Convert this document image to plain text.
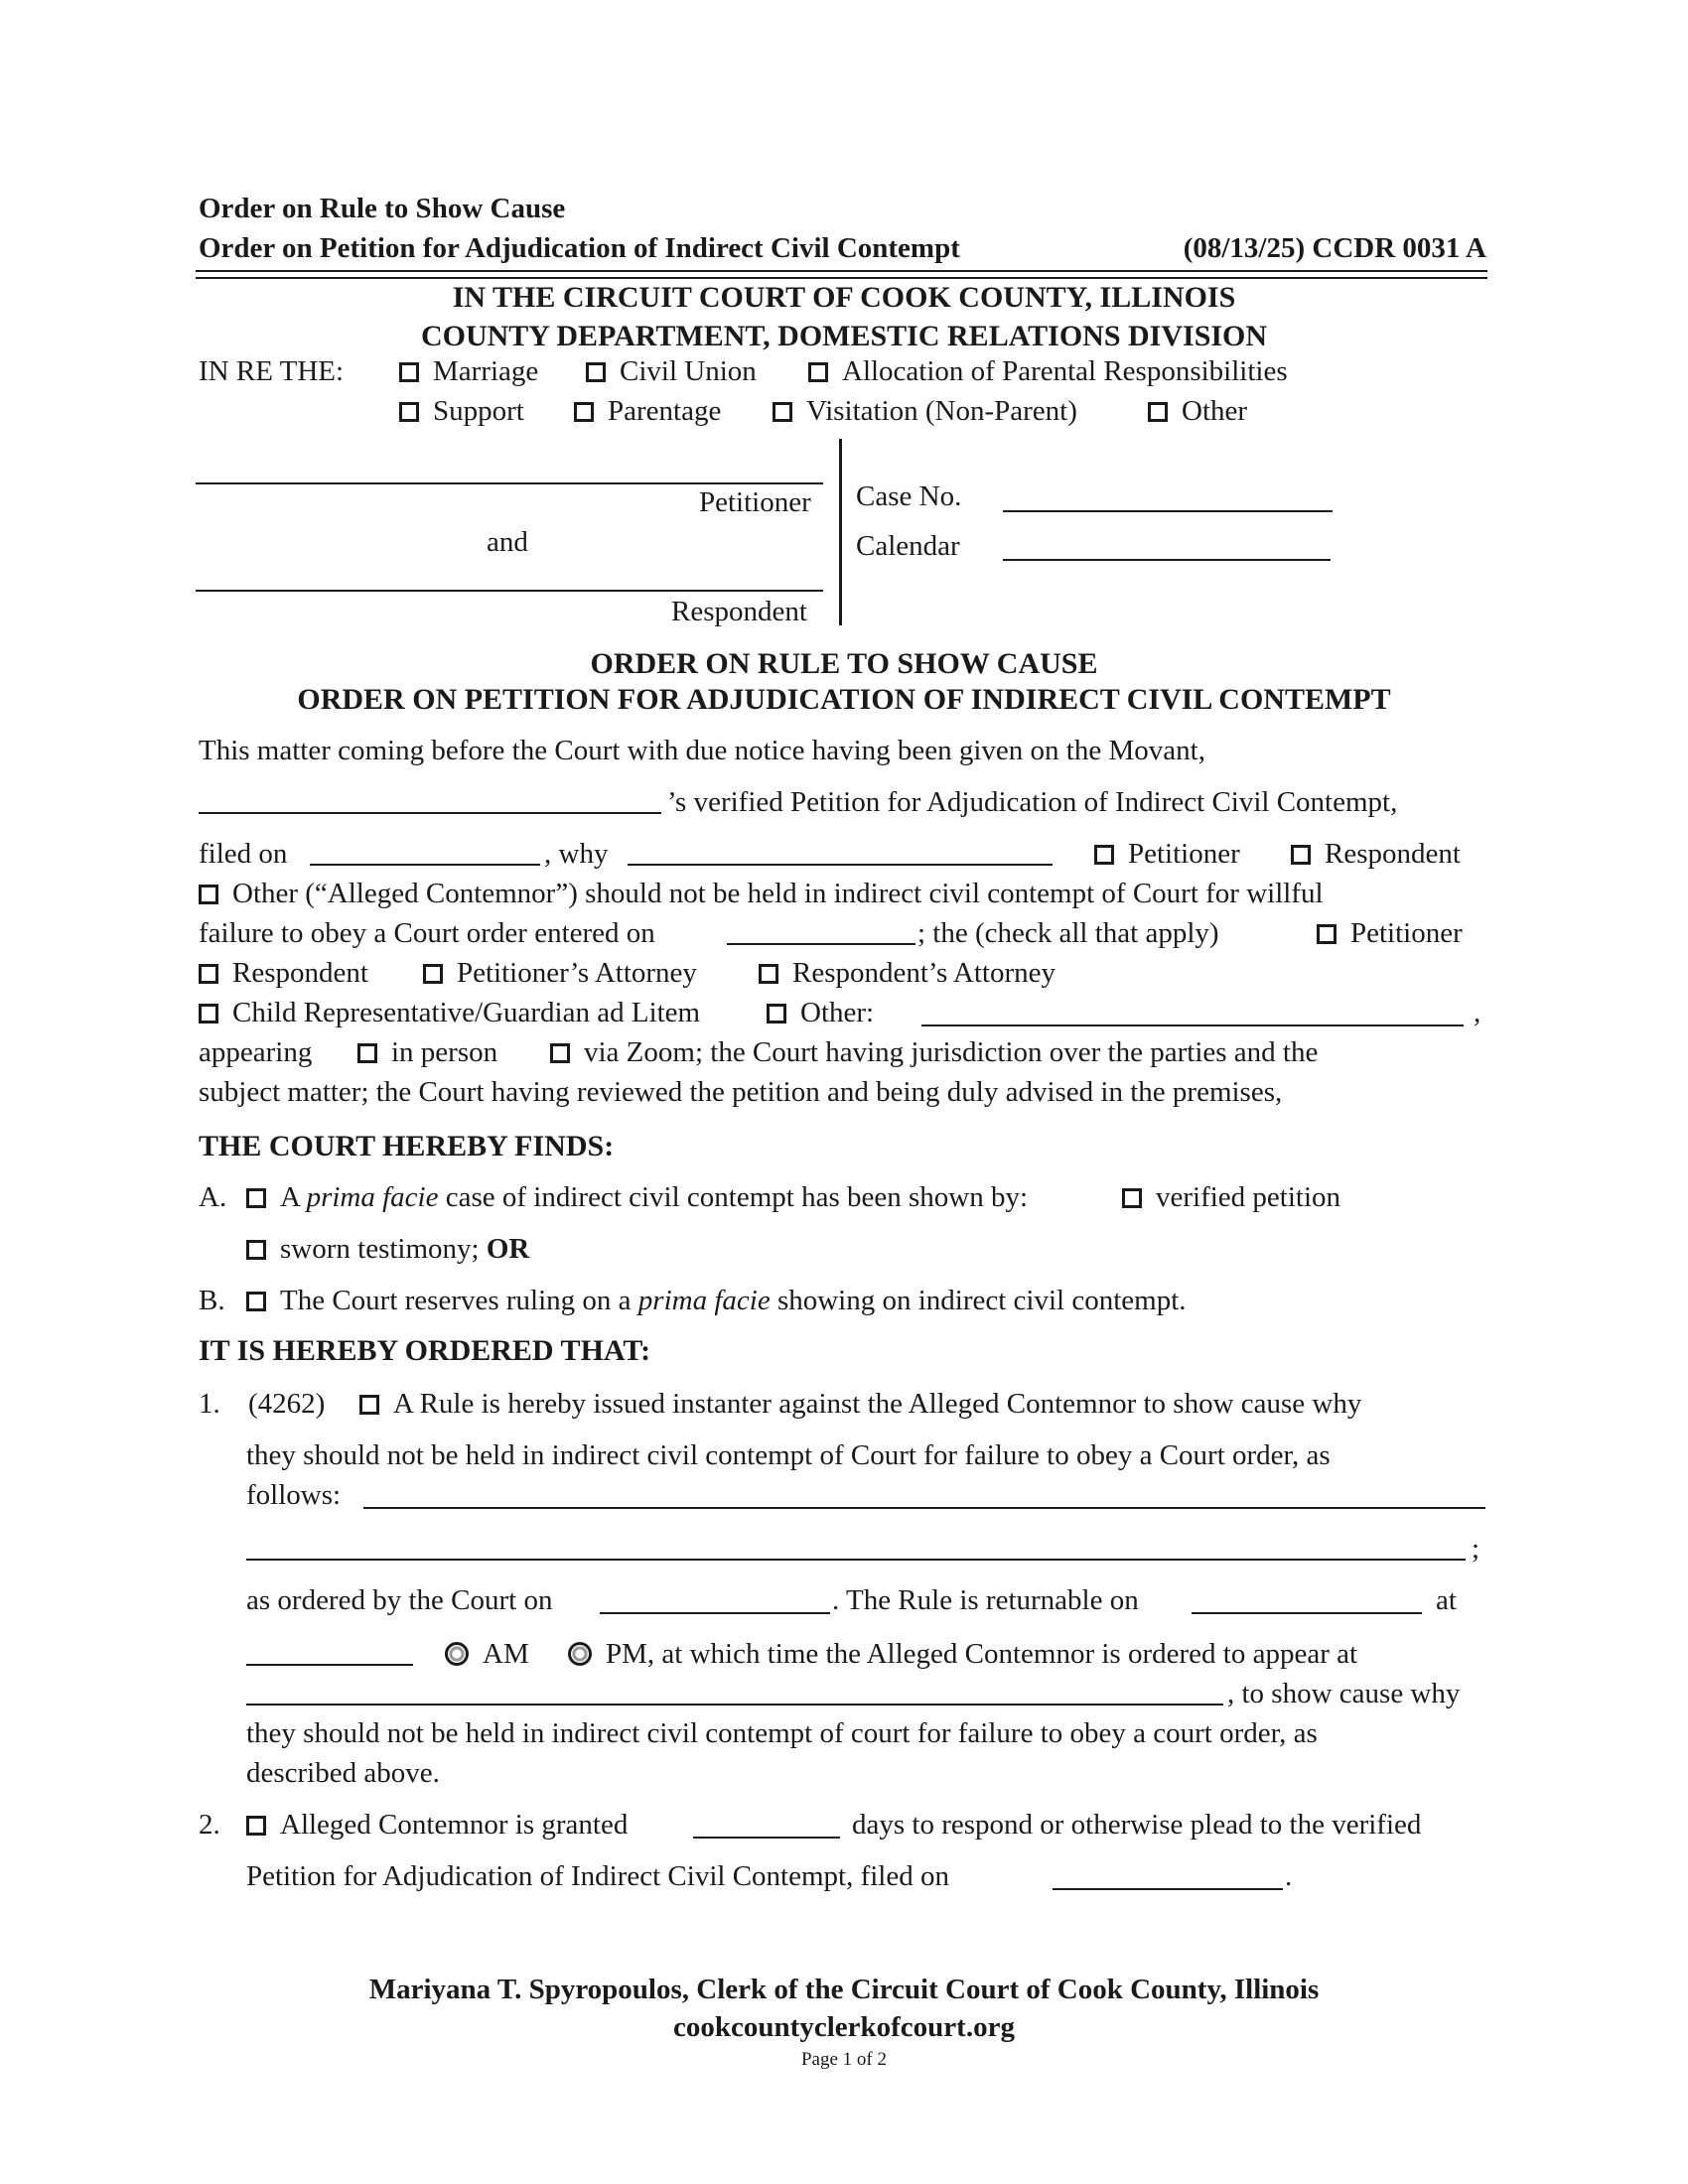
Order on Rule to Show Cause
Order on Petition for Adjudication of Indirect Civil Contempt	(08/13/25) CCDR 0031 A
IN THE CIRCUIT COURT OF COOK COUNTY, ILLINOIS
COUNTY DEPARTMENT, DOMESTIC RELATIONS DIVISION
IN RE THE:	Marriage	Civil Union	Allocation of Parental Responsibilities
Support	Parentage	Visitation (Non-Parent)	Other
Petitioner
and
Respondent
Case No.
Calendar
ORDER ON RULE TO SHOW CAUSE
ORDER ON PETITION FOR ADJUDICATION OF INDIRECT CIVIL CONTEMPT
This matter coming before the Court with due notice having been given on the Movant,
’s verified Petition for Adjudication of Indirect Civil Contempt,
filed on	, why	Petitioner	Respondent
Other (“Alleged Contemnor”) should not be held in indirect civil contempt of Court for willful
failure to obey a Court order entered on	; the (check all that apply)	Petitioner
Respondent	Petitioner’s Attorney	Respondent’s Attorney
Child Representative/Guardian ad Litem	Other:	,
appearing	in person	via Zoom; the Court having jurisdiction over the parties and the
subject matter; the Court having reviewed the petition and being duly advised in the premises,
THE COURT HEREBY FINDS:
A.	A prima facie case of indirect civil contempt has been shown by:	verified petition
sworn testimony; OR
B.	The Court reserves ruling on a prima facie showing on indirect civil contempt.
IT IS HEREBY ORDERED THAT:
1. (4262)	A Rule is hereby issued instanter against the Alleged Contemnor to show cause why
they should not be held in indirect civil contempt of Court for failure to obey a Court order, as
follows:
;
as ordered by the Court on	. The Rule is returnable on	at
AM	PM, at which time the Alleged Contemnor is ordered to appear at
, to show cause why
they should not be held in indirect civil contempt of court for failure to obey a court order, as
described above.
2.	Alleged Contemnor is granted	days to respond or otherwise plead to the verified
Petition for Adjudication of Indirect Civil Contempt, filed on	.
Mariyana T. Spyropoulos, Clerk of the Circuit Court of Cook County, Illinois
cookcountyclerkofcourt.org
Page 1 of 2
